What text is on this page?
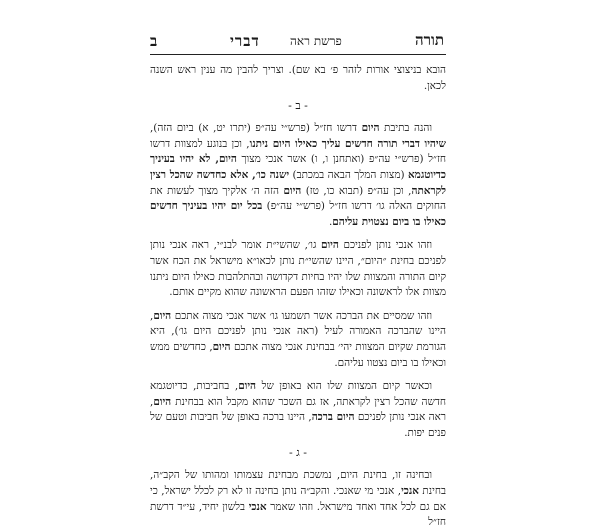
ב	דברי	פרשת ראה	תורה

הובא בניצוצי אורות לזהר פ׳ בא שם). וצריך להבין מה ענין ראש השנה לכאן.

- ב -

והנה בתיבת היום דרשו חז״ל (פרש״י עה״פ (יתרו יט, א) ביום הזה), שיהיו דברי תורה חדשים עליך כאילו היום ניתנו, וכן בנוגע למצוות דרשו חז״ל (פרש״י עה״פ (ואתחנן ו, ו) אשר אנכי מצוך היום, לא יהיו בעיניך כדיוטגמא (מצות המלך הבאה במכתב) ישנה כו׳, אלא כחדשה שהכל רצין לקראתה, וכן עה״פ (תבוא כו, טז) היום הזה ה׳ אלקיך מצוך לעשות את החוקים האלה גו׳ דרשו חז״ל (פרש״י עה״פ) בכל יום יהיו בעיניך חדשים כאילו בו ביום נצטוית עליהם.

וזהו אנכי נותן לפניכם היום גו׳, שהשי״ת אומר לבנ״י, ראה אנכי נותן לפניכם בחינת ״היום״, היינו שהשי״ת נותן לכאו״א מישראל את הכח אשר קיום התורה והמצוות שלו יהיו בחיות דקדושה ובהתלהבות כאילו היום ניתנו מצוות אלו לראשונה וכאילו שזהו הפעם הראשונה שהוא מקיים אותם.

וזהו שמסיים את הברכה אשר תשמעו גו׳ אשר אנכי מצוה אתכם היום, היינו שהברכה האמורה לעיל (ראה אנכי נותן לפניכם היום גו׳), היא הגורמת שקיום המצוות יהי׳ בבחינת אנכי מצוה אתכם היום, כחדשים ממש וכאילו בו ביום נצטוו עליהם.

וכאשר קיום המצוות שלו הוא באופן של היום, בחביבות, כדיוטגמא חדשה שהכל רצין לקראתה, אז גם השכר שהוא מקבל הוא בבחינת היום, ראה אנכי נותן לפניכם היום ברכה, היינו ברכה באופן של חביבות וטעם של פנים יפות.

- ג -

ובחינה זו, בחינת היום, נמשכת מבחינת עצמותו ומהותו של הקב״ה, בחינת אנכי, אנכי מי שאנכי. והקב״ה נותן בחינה זו לא רק לכלל ישראל, כי אם גם לכל אחד ואחד מישראל. וזהו שאמר אנכי בלשון יחיד, עי״ד דרשת חז״ל
